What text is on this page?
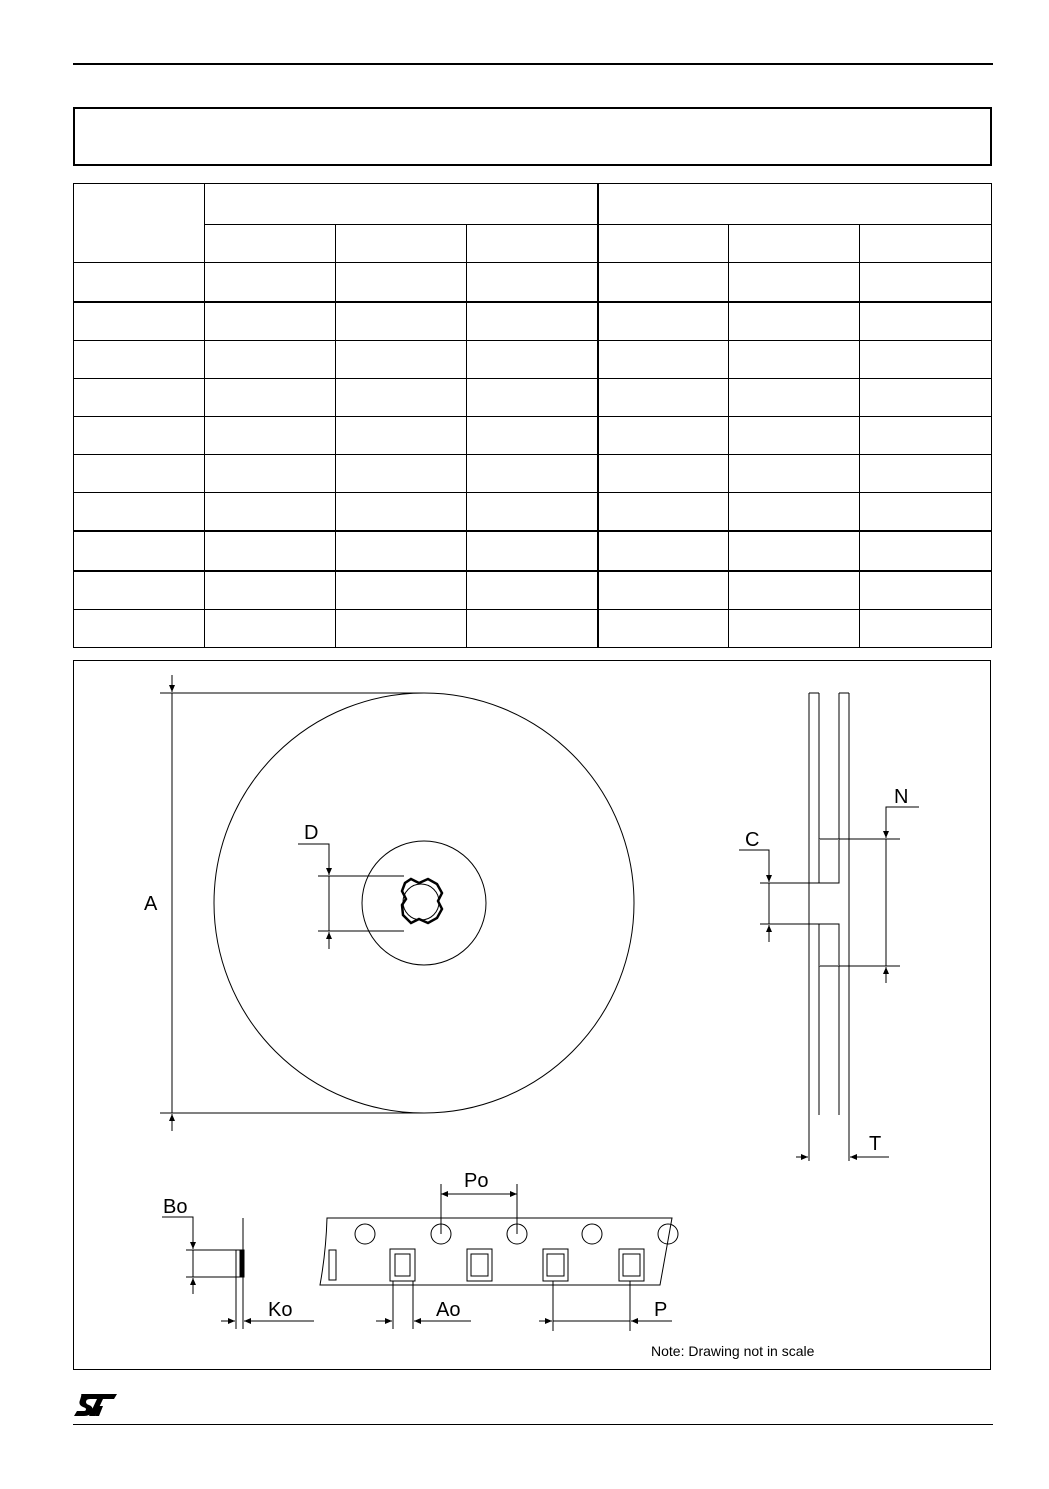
A
D
N
C
T
Bo
Ko
Po
Ao	P
Note: Drawing not in scale
